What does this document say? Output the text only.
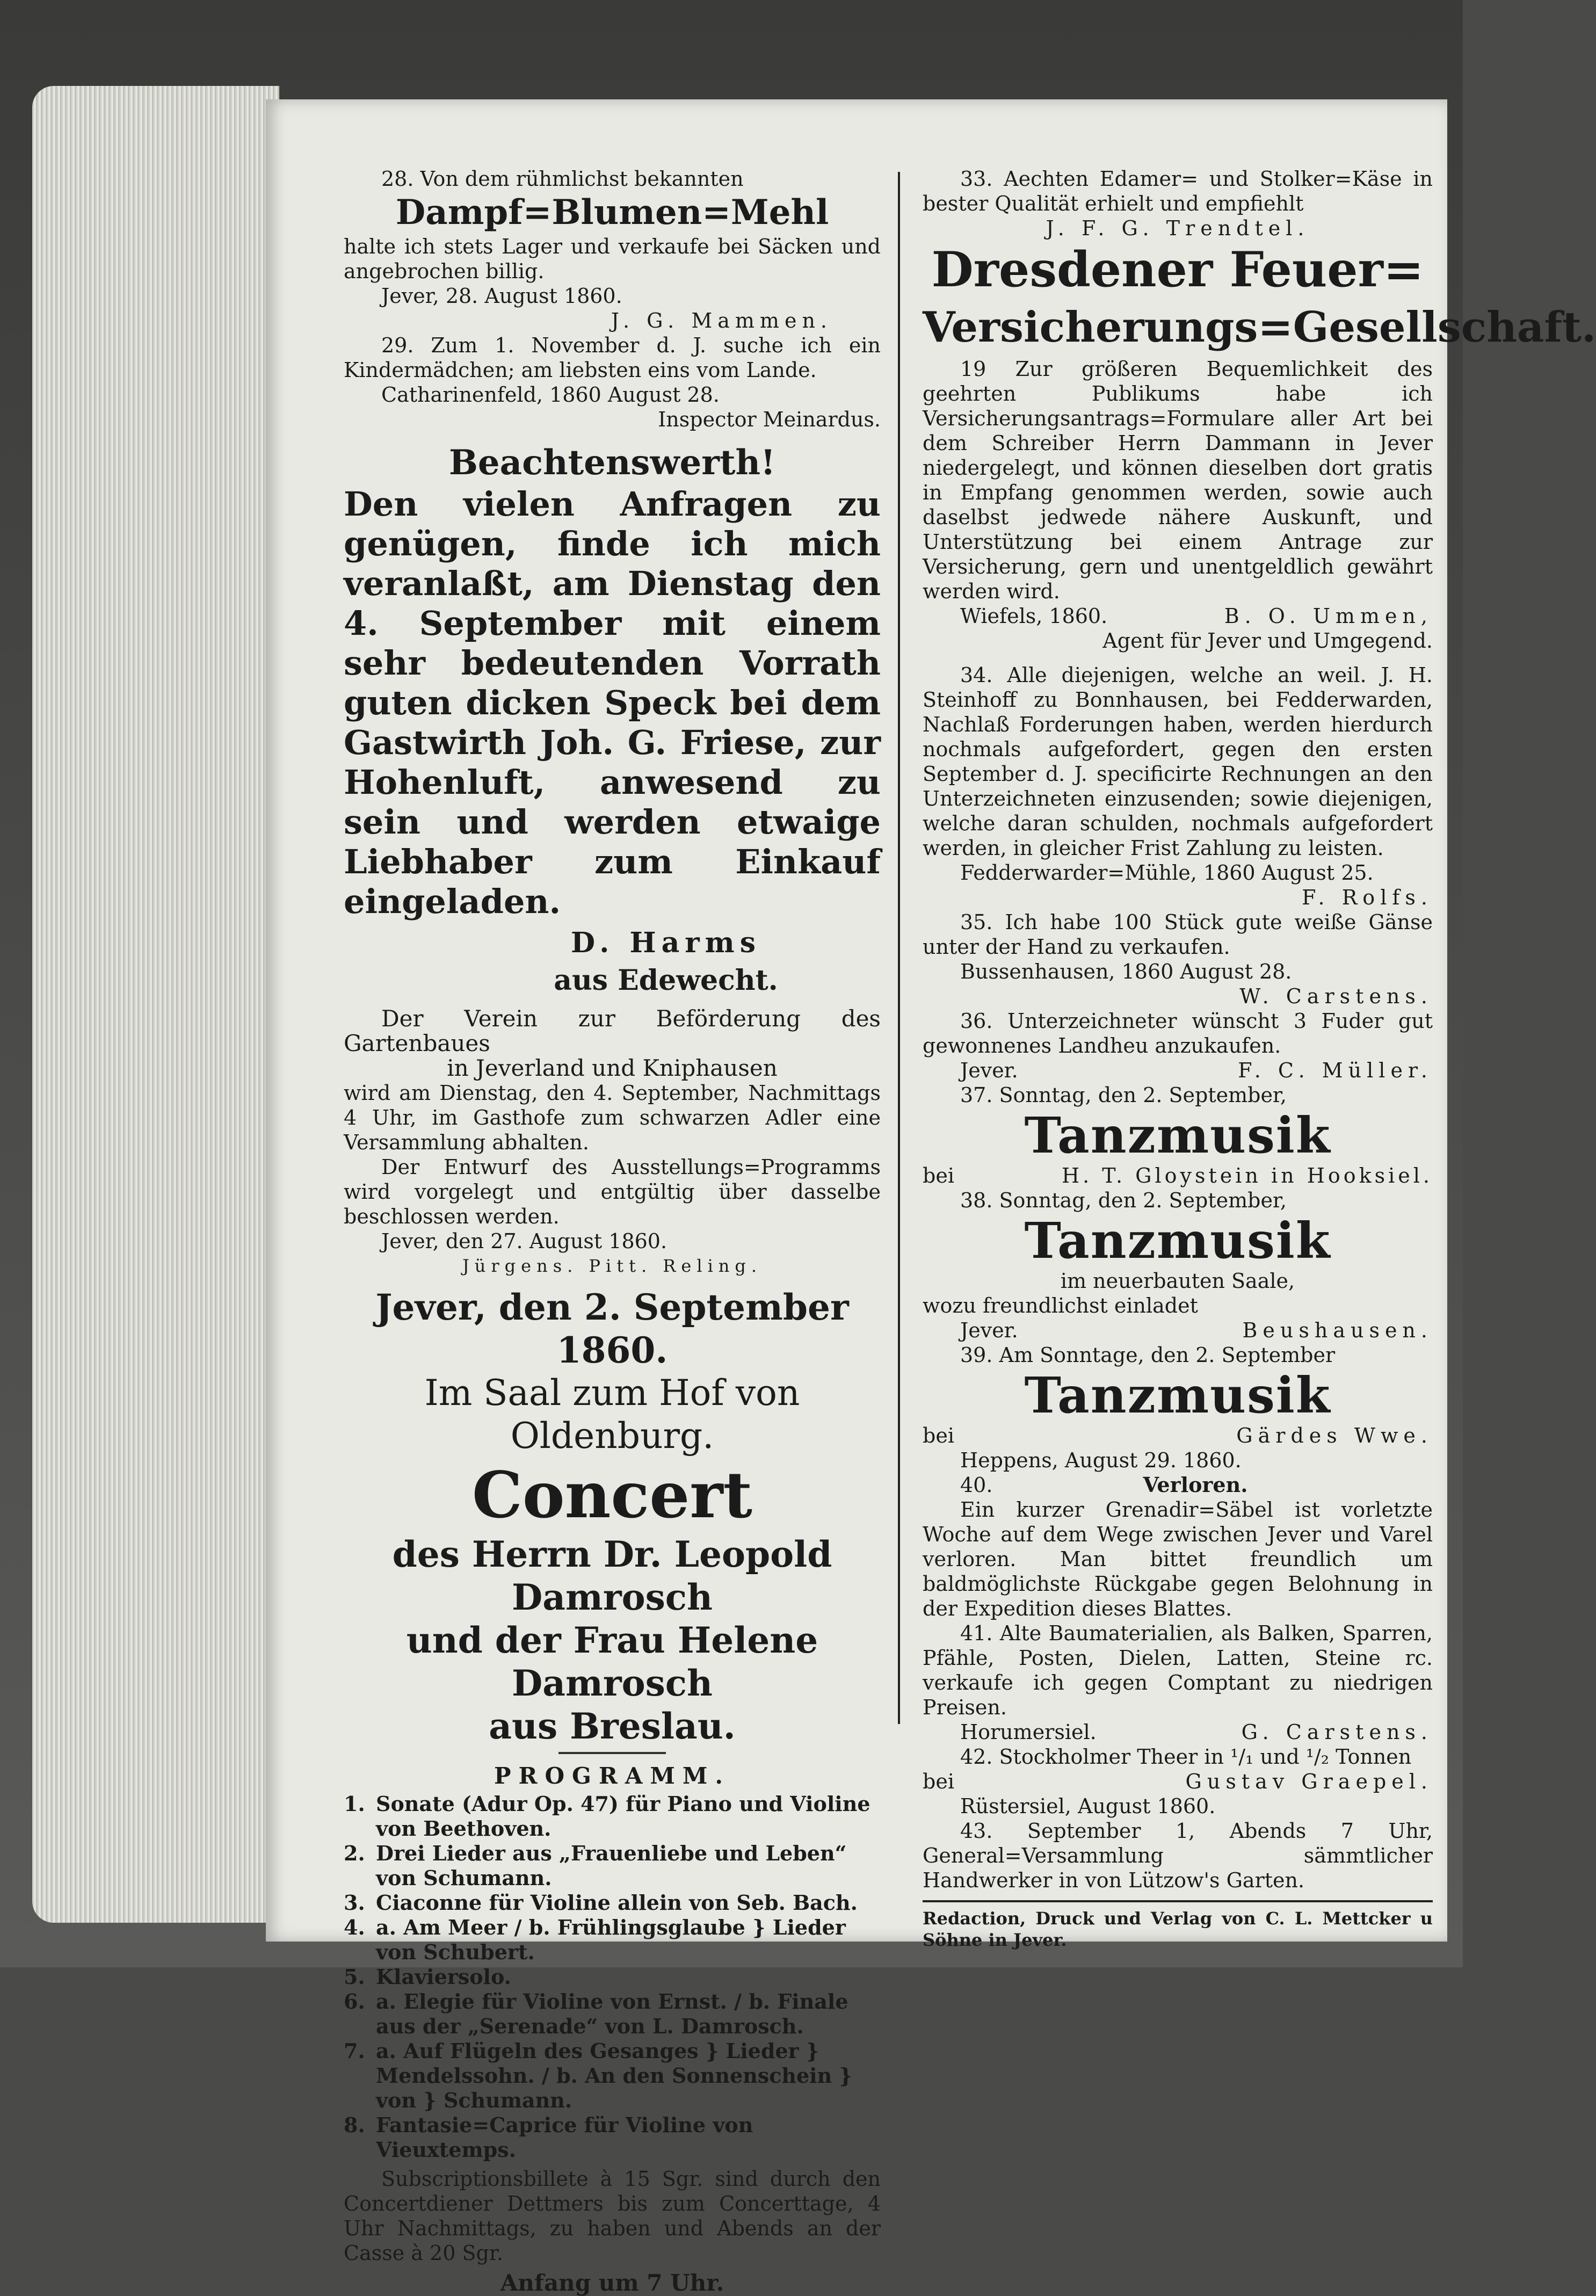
28. Von dem rühmlichst bekannten

Dampf=Blumen=Mehl

halte ich stets Lager und verkaufe bei Säcken und angebrochen billig.

Jever, 28. August 1860.

J. G. Mammen.

29. Zum 1. November d. J. suche ich ein Kindermädchen; am liebsten eins vom Lande.

Catharinenfeld, 1860 August 28.

Inspector Meinardus.

Beachtenswerth!

Den vielen Anfragen zu genügen, finde ich mich veranlaßt, am Dienstag den 4. September mit einem sehr bedeutenden Vorrath guten dicken Speck bei dem Gastwirth Joh. G. Friese, zur Hohenluft, anwesend zu sein und werden etwaige Liebhaber zum Einkauf eingeladen.

D. Harms
aus Edewecht.

Der Verein zur Beförderung des Gartenbaues

in Jeverland und Kniphausen

wird am Dienstag, den 4. September, Nachmittags 4 Uhr, im Gasthofe zum schwarzen Adler eine Versammlung abhalten.

Der Entwurf des Ausstellungs=Programms wird vorgelegt und entgültig über dasselbe beschlossen werden.

Jever, den 27. August 1860.

Jürgens. Pitt. Reling.

Jever, den 2. September 1860.
Im Saal zum Hof von Oldenburg.
Concert
des Herrn Dr. Leopold Damrosch
und der Frau Helene Damrosch
aus Breslau.
PROGRAMM.
1. Sonate (Adur Op. 47) für Piano und Violine von Beethoven.
2. Drei Lieder aus „Frauenliebe und Leben“ von Schumann.
3. Ciaconne für Violine allein von Seb. Bach.
4. a. Am Meer / b. Frühlingsglaube } Lieder von Schubert.
5. Klaviersolo.
6. a. Elegie für Violine von Ernst. / b. Finale aus der „Serenade“ von L. Damrosch.
7. a. Auf Flügeln des Gesanges } Lieder } Mendelssohn. / b. An den Sonnenschein } von } Schumann.
8. Fantasie=Caprice für Violine von Vieuxtemps.

Subscriptionsbillete à 15 Sgr. sind durch den Concertdiener Dettmers bis zum Concerttage, 4 Uhr Nachmittags, zu haben und Abends an der Casse à 20 Sgr.

Anfang um 7 Uhr.

33. Aechten Edamer= und Stolker=Käse in bester Qualität erhielt und empfiehlt

J. F. G. Trendtel.

Dresdener Feuer=
Versicherungs=Gesellschaft.

19 Zur größeren Bequemlichkeit des geehrten Publikums habe ich Versicherungsantrags=Formulare aller Art bei dem Schreiber Herrn Dammann in Jever niedergelegt, und können dieselben dort gratis in Empfang genommen werden, sowie auch daselbst jedwede nähere Auskunft, und Unterstützung bei einem Antrage zur Versicherung, gern und unentgeldlich gewährt werden wird.

Wiefels, 1860.	B. O. Ummen,

Agent für Jever und Umgegend.

34. Alle diejenigen, welche an weil. J. H. Steinhoff zu Bonnhausen, bei Fedderwarden, Nachlaß Forderungen haben, werden hierdurch nochmals aufgefordert, gegen den ersten September d. J. specificirte Rechnungen an den Unterzeichneten einzusenden; sowie diejenigen, welche daran schulden, nochmals aufgefordert werden, in gleicher Frist Zahlung zu leisten.

Fedderwarder=Mühle, 1860 August 25.

F. Rolfs.

35. Ich habe 100 Stück gute weiße Gänse unter der Hand zu verkaufen.

Bussenhausen, 1860 August 28.

W. Carstens.

36. Unterzeichneter wünscht 3 Fuder gut gewonnenes Landheu anzukaufen.

Jever.	F. C. Müller.

37. Sonntag, den 2. September,

Tanzmusik

bei	H. T. Gloystein in Hooksiel.

38. Sonntag, den 2. September,

Tanzmusik

im neuerbauten Saale,

wozu freundlichst einladet

Jever.	Beushausen.

39. Am Sonntage, den 2. September

Tanzmusik

bei	Gärdes Wwe.

Heppens, August 29. 1860.

40.	Verloren.

Ein kurzer Grenadir=Säbel ist vorletzte Woche auf dem Wege zwischen Jever und Varel verloren. Man bittet freundlich um baldmöglichste Rückgabe gegen Belohnung in der Expedition dieses Blattes.

41. Alte Baumaterialien, als Balken, Sparren, Pfähle, Posten, Dielen, Latten, Steine rc. verkaufe ich gegen Comptant zu niedrigen Preisen.

Horumersiel.	G. Carstens.

42. Stockholmer Theer in ¹/₁ und ¹/₂ Tonnen

bei	Gustav Graepel.

Rüstersiel, August 1860.

43. September 1, Abends 7 Uhr, General=Versammlung sämmtlicher Handwerker in von Lützow's Garten.

Redaction, Druck und Verlag von C. L. Mettcker u Söhne in Jever.
